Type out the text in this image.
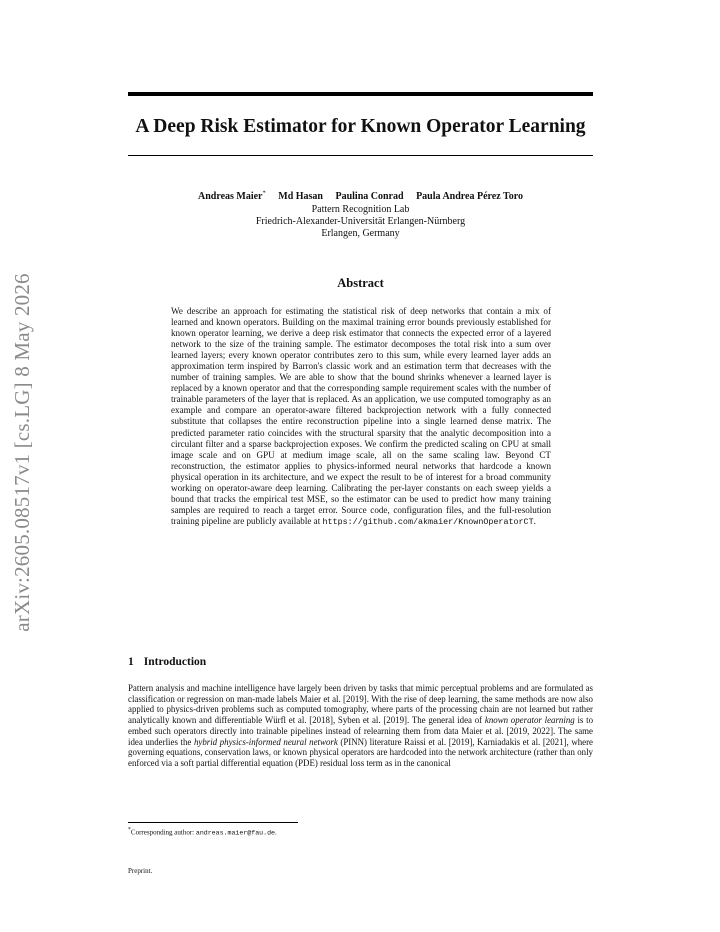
arXiv:2605.08517v1 [cs.LG] 8 May 2026
A Deep Risk Estimator for Known Operator Learning
Andreas Maier* Md Hasan Paulina Conrad Paula Andrea Pérez Toro
Pattern Recognition Lab
Friedrich-Alexander-Universität Erlangen-Nürnberg
Erlangen, Germany
Abstract

We describe an approach for estimating the statistical risk of deep networks that contain a mix of learned and known operators. Building on the maximal training error bounds previously established for known operator learning, we derive a deep risk estimator that connects the expected error of a layered network to the size of the training sample. The estimator decomposes the total risk into a sum over learned layers; every known operator contributes zero to this sum, while every learned layer adds an approximation term inspired by Barron's classic work and an estimation term that decreases with the number of training samples. We are able to show that the bound shrinks whenever a learned layer is replaced by a known operator and that the corresponding sample requirement scales with the number of trainable parameters of the layer that is replaced. As an application, we use computed tomography as an example and compare an operator-aware filtered backprojection network with a fully connected substitute that collapses the entire reconstruction pipeline into a single learned dense matrix. The predicted parameter ratio coincides with the structural sparsity that the analytic decomposition into a circulant filter and a sparse backprojection exposes. We confirm the predicted scaling on CPU at small image scale and on GPU at medium image scale, all on the same scaling law. Beyond CT reconstruction, the estimator applies to physics-informed neural networks that hardcode a known physical operation in its architecture, and we expect the result to be of interest for a broad community working on operator-aware deep learning. Calibrating the per-layer constants on each sweep yields a bound that tracks the empirical test MSE, so the estimator can be used to predict how many training samples are required to reach a target error. Source code, configuration files, and the full-resolution training pipeline are publicly available at https://github.com/akmaier/KnownOperatorCT.

1 Introduction

Pattern analysis and machine intelligence have largely been driven by tasks that mimic perceptual problems and are formulated as classification or regression on man-made labels Maier et al. [2019]. With the rise of deep learning, the same methods are now also applied to physics-driven problems such as computed tomography, where parts of the processing chain are not learned but rather analytically known and differentiable Würfl et al. [2018], Syben et al. [2019]. The general idea of known operator learning is to embed such operators directly into trainable pipelines instead of relearning them from data Maier et al. [2019, 2022]. The same idea underlies the hybrid physics-informed neural network (PINN) literature Raissi et al. [2019], Karniadakis et al. [2021], where governing equations, conservation laws, or known physical operators are hardcoded into the network architecture (rather than only enforced via a soft partial differential equation (PDE) residual loss term as in the canonical

*Corresponding author: andreas.maier@fau.de.

Preprint.
